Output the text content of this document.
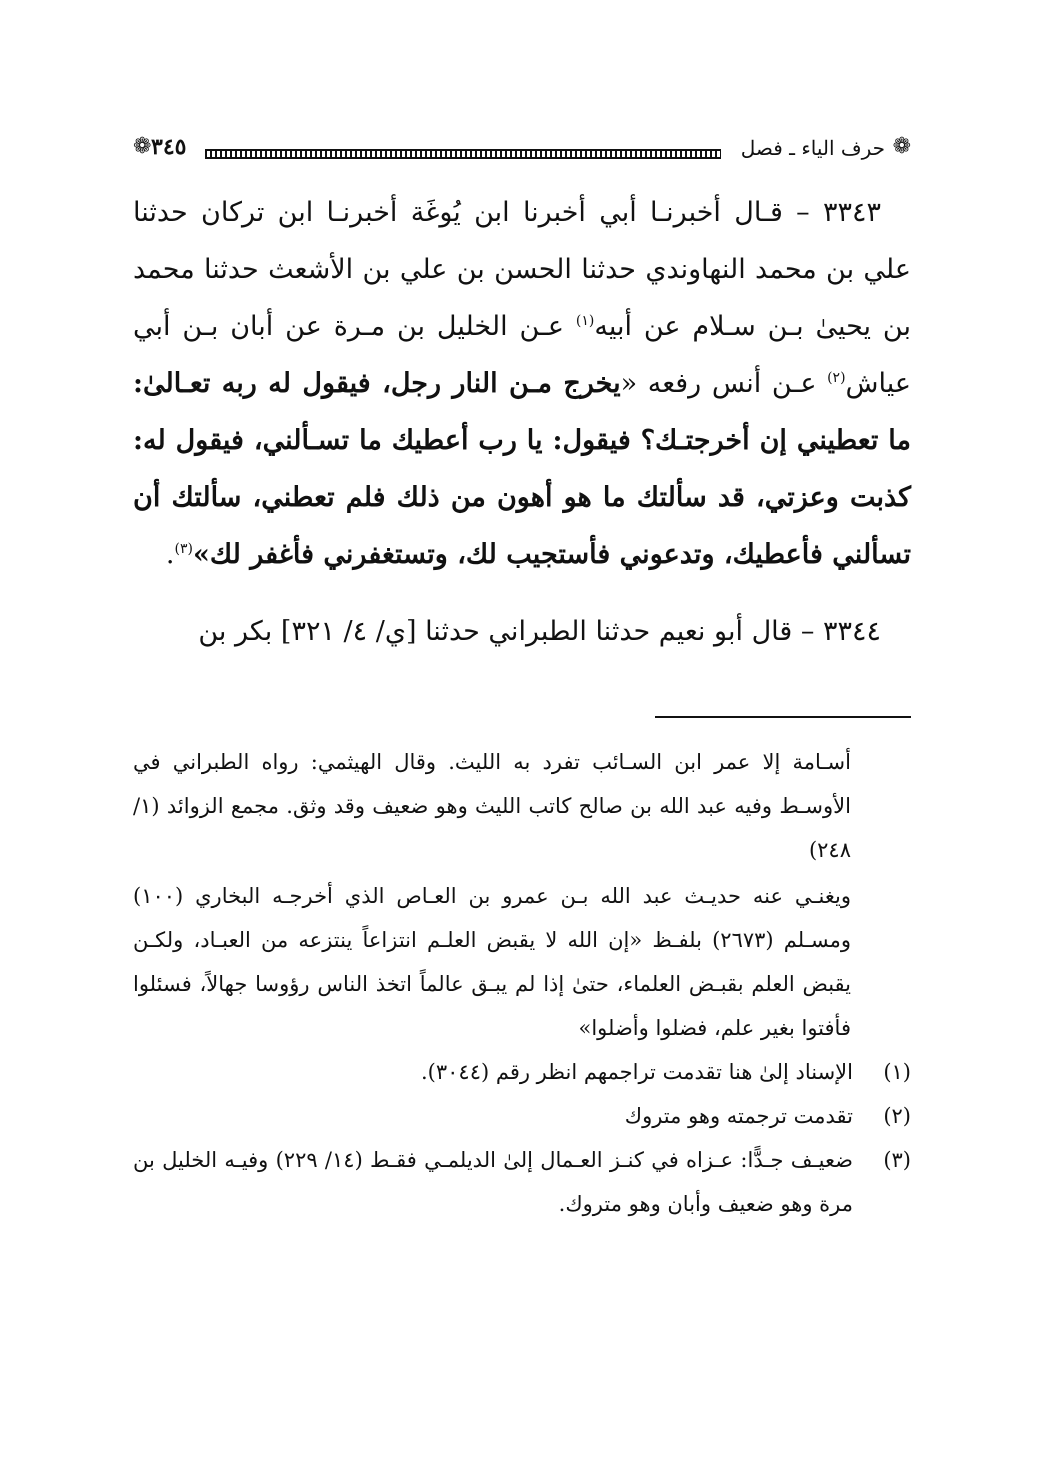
❁
حرف الياء ـ فصل
٣٤٥
❁

٣٣٤٣ – قـال أخبرنـا أبي أخبرنا ابن يُوغَة أخبرنـا ابن تركان حدثنا علي بن محمد النهاوندي حدثنا الحسن بن علي بن الأشعث حدثنا محمد بن يحيىٰ بـن سـلام عن أبيه$^{(١)}$ عـن الخليل بن مـرة عن أبان بـن أبي عياش$^{(٢)}$ عـن أنس رفعه «يخرج مـن النار رجل، فيقول له ربه تعـالىٰ: ما تعطيني إن أخرجتـك؟ فيقول: يا رب أعطيك ما تسـألني، فيقول له: كذبت وعزتي، قد سألتك ما هو أهون من ذلك فلم تعطني، سألتك أن تسألني فأعطيك، وتدعوني فأستجيب لك، وتستغفرني فأغفر لك»$^{(٣)}$.

٣٣٤٤ – قال أبو نعيم حدثنا الطبراني حدثنا [ي/ ٤/ ٣٢١] بكر بن

أسـامة إلا عمر ابن السـائب تفرد به الليث. وقال الهيثمي: رواه الطبراني في الأوسـط وفيه عبد الله بن صالح كاتب الليث وهو ضعيف وقد وثق. مجمع الزوائد (١/ ٢٤٨)

ويغنـي عنه حديـث عبد الله بـن عمرو بن العـاص الذي أخرجـه البخاري (١٠٠) ومسـلم (٢٦٧٣) بلفـظ «إن الله لا يقبض العلـم انتزاعاً ينتزعه من العبـاد، ولكـن يقبض العلم بقبـض العلماء، حتىٰ إذا لم يبـق عالماً اتخذ الناس رؤوسا جهالاً، فسئلوا فأفتوا بغير علم، فضلوا وأضلوا»

(١)
الإسناد إلىٰ هنا تقدمت تراجمهم انظر رقم (٣٠٤٤).
(٢)
تقدمت ترجمته وهو متروك
(٣)
ضعيـف جـدًّا: عـزاه في كنـز العـمال إلىٰ الديلمـي فقـط (١٤/ ٢٢٩) وفيـه الخليل بن مرة وهو ضعيف وأبان وهو متروك.
